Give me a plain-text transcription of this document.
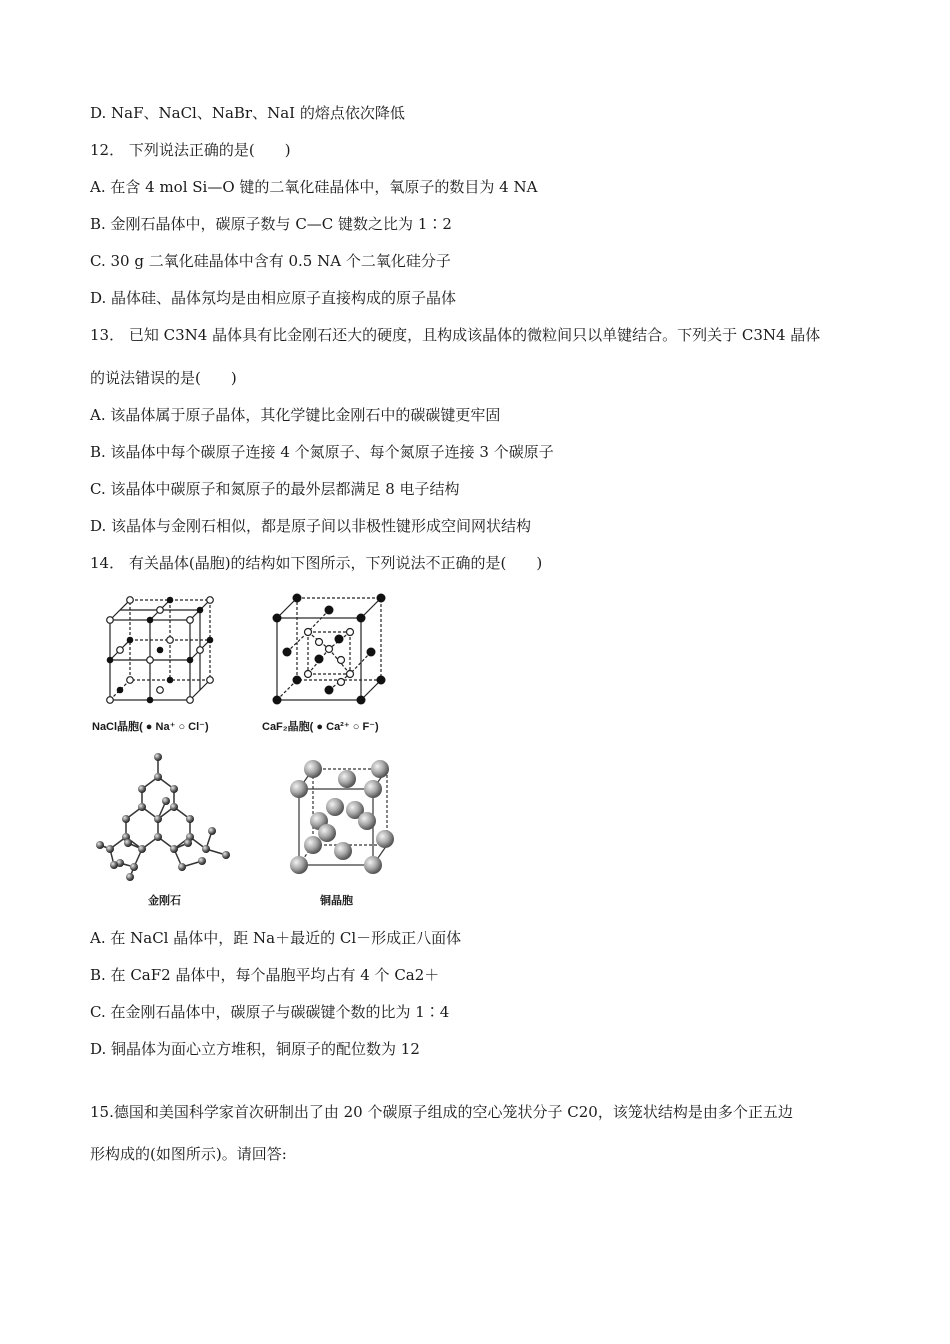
D. NaF、NaCl、NaBr、NaI 的熔点依次降低
12． 下列说法正确的是(　　)
A. 在含 4 mol Si—O 键的二氧化硅晶体中，氧原子的数目为 4 NA
B. 金刚石晶体中，碳原子数与 C—C 键数之比为 1∶2
C. 30 g 二氧化硅晶体中含有 0.5 NA 个二氧化硅分子
D. 晶体硅、晶体氖均是由相应原子直接构成的原子晶体
13． 已知 C3N4 晶体具有比金刚石还大的硬度，且构成该晶体的微粒间只以单键结合。下列关于 C3N4 晶体
的说法错误的是(　　)
A. 该晶体属于原子晶体，其化学键比金刚石中的碳碳键更牢固
B. 该晶体中每个碳原子连接 4 个氮原子、每个氮原子连接 3 个碳原子
C. 该晶体中碳原子和氮原子的最外层都满足 8 电子结构
D. 该晶体与金刚石相似，都是原子间以非极性键形成空间网状结构
14． 有关晶体(晶胞)的结构如下图所示，下列说法不正确的是(　　)
NaCl晶胞( ● Na⁺ ○ Cl⁻)	CaF₂晶胞( ● Ca²⁺ ○ F⁻)
金刚石	铜晶胞
A. 在 NaCl 晶体中，距 Na＋最近的 Cl－形成正八面体
B. 在 CaF2 晶体中，每个晶胞平均占有 4 个 Ca2＋
C. 在金刚石晶体中，碳原子与碳碳键个数的比为 1∶4
D. 铜晶体为面心立方堆积，铜原子的配位数为 12
15.德国和美国科学家首次研制出了由 20 个碳原子组成的空心笼状分子 C20，该笼状结构是由多个正五边
形构成的(如图所示)。请回答:
